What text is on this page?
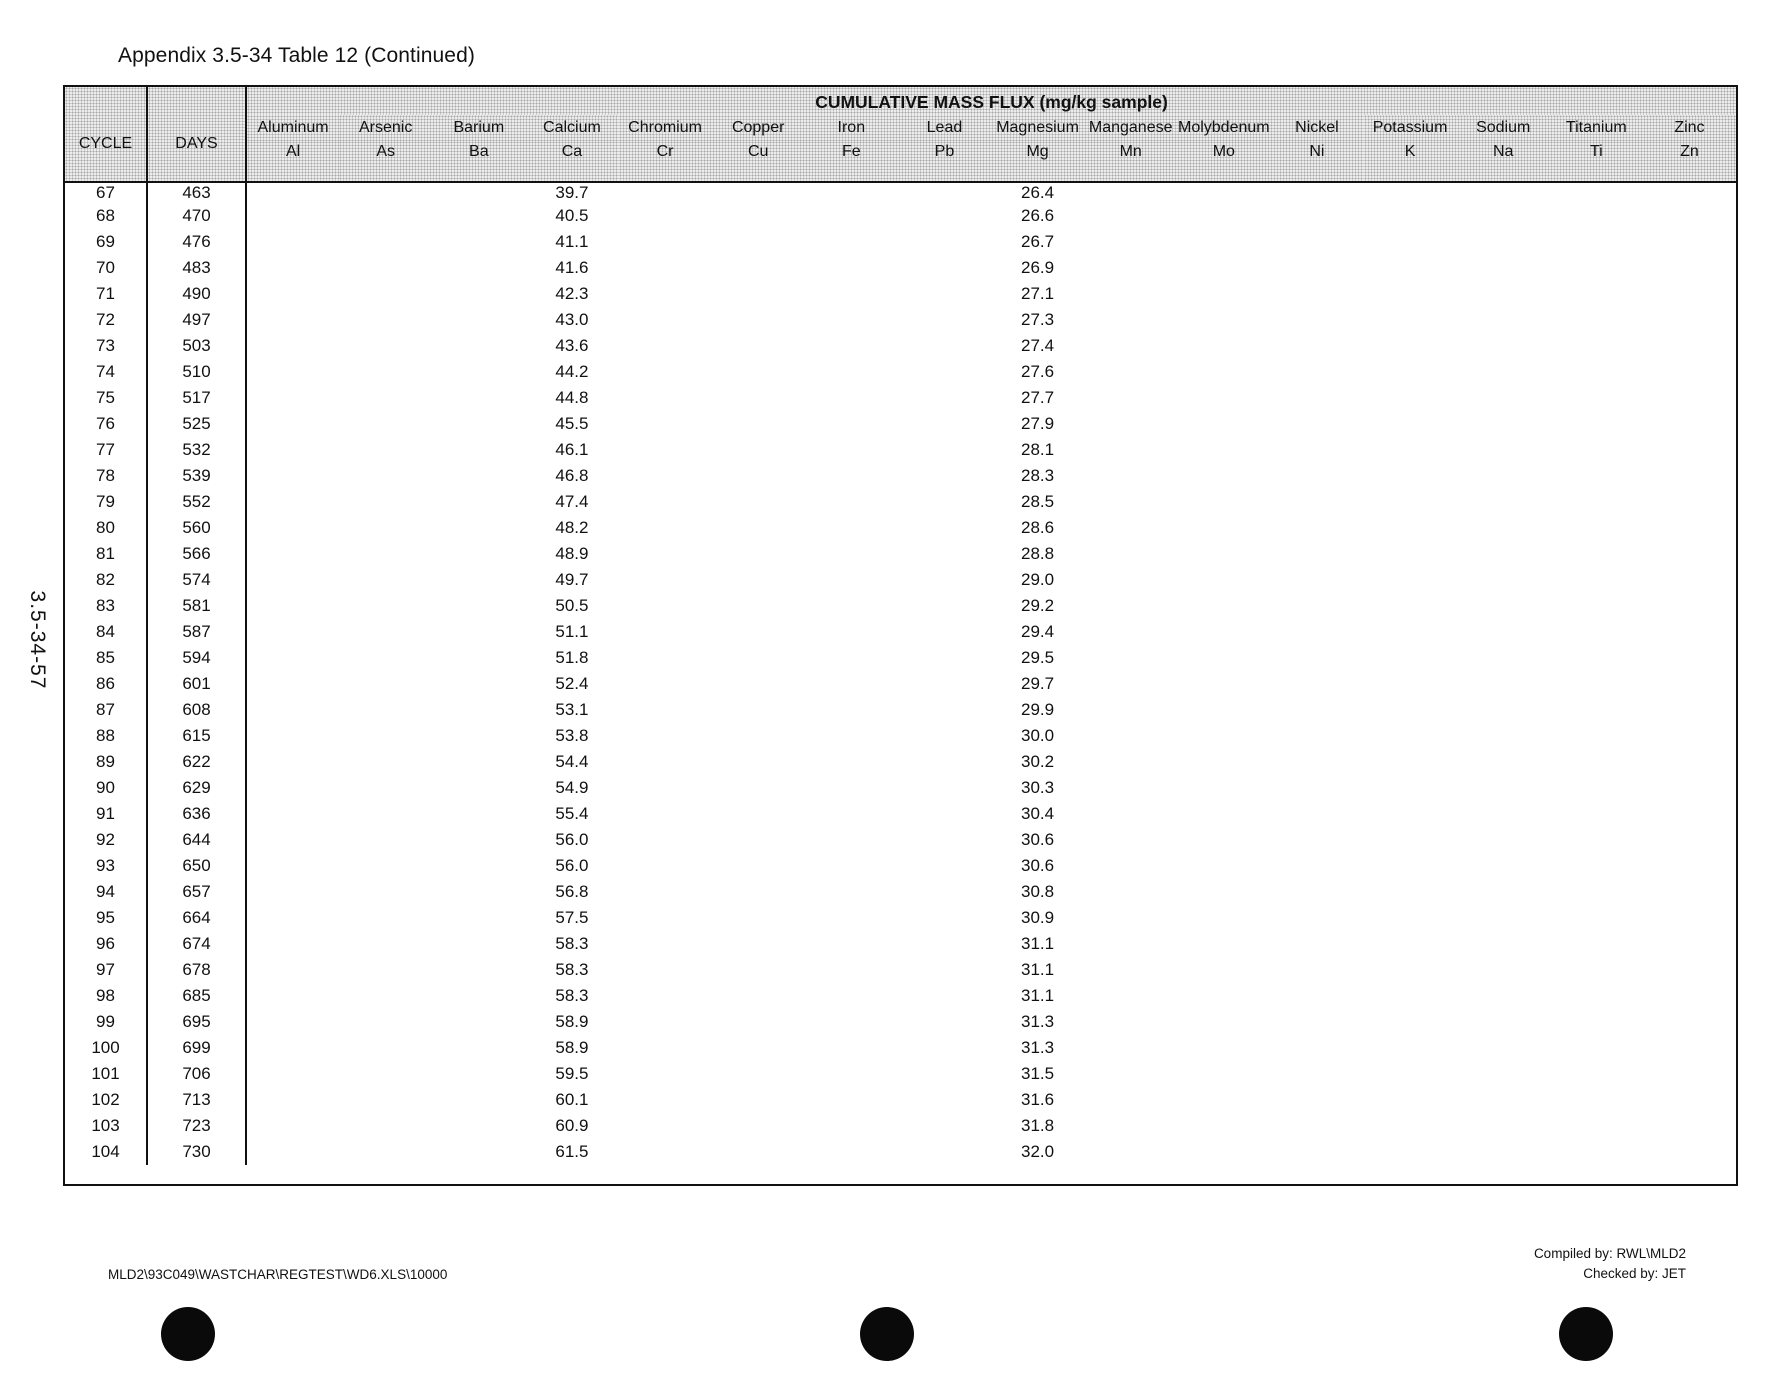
Appendix 3.5-34 Table 12 (Continued)
3.5-34-57
CYCLE	DAYS	CUMULATIVE MASS FLUX (mg/kg sample)															
		Aluminum	Arsenic	Barium	Calcium	Chromium	Copper	Iron	Lead	Magnesium	Manganese	Molybdenum	Nickel	Potassium	Sodium	Titanium	Zinc
		Al	As	Ba	Ca	Cr	Cu	Fe	Pb	Mg	Mn	Mo	Ni	K	Na	Ti	Zn
67	463				39.7					26.4							
68	470				40.5					26.6							
69	476				41.1					26.7							
70	483				41.6					26.9							
71	490				42.3					27.1							
72	497				43.0					27.3							
73	503				43.6					27.4							
74	510				44.2					27.6							
75	517				44.8					27.7							
76	525				45.5					27.9							
77	532				46.1					28.1							
78	539				46.8					28.3							
79	552				47.4					28.5							
80	560				48.2					28.6							
81	566				48.9					28.8							
82	574				49.7					29.0							
83	581				50.5					29.2							
84	587				51.1					29.4							
85	594				51.8					29.5							
86	601				52.4					29.7							
87	608				53.1					29.9							
88	615				53.8					30.0							
89	622				54.4					30.2							
90	629				54.9					30.3							
91	636				55.4					30.4							
92	644				56.0					30.6							
93	650				56.0					30.6							
94	657				56.8					30.8							
95	664				57.5					30.9							
96	674				58.3					31.1							
97	678				58.3					31.1							
98	685				58.3					31.1							
99	695				58.9					31.3							
100	699				58.9					31.3							
101	706				59.5					31.5							
102	713				60.1					31.6							
103	723				60.9					31.8							
104	730				61.5					32.0							
MLD2\93C049\WASTCHAR\REGTEST\WD6.XLS\10000
Compiled by: RWL\MLD2
Checked by: JET
